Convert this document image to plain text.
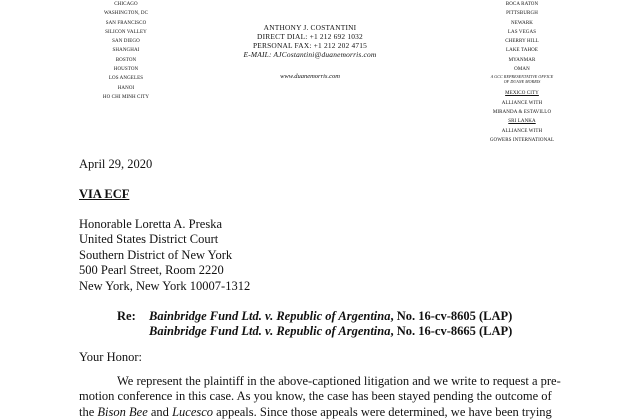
CHICAGO
WASHINGTON, DC
SAN FRANCISCO
SILICON VALLEY
SAN DIEGO
SHANGHAI
BOSTON
HOUSTON
LOS ANGELES
HANOI
HO CHI MINH CITY
ANTHONY J. COSTANTINI
DIRECT DIAL: +1 212 692 1032
PERSONAL FAX: +1 212 202 4715
E-MAIL: AJCostantini@duanemorris.com
www.duanemorris.com
BOCA RATON
PITTSBURGH
NEWARK
LAS VEGAS
CHERRY HILL
LAKE TAHOE
MYANMAR
OMAN
A GCC REPRESENTATIVE OFFICE
OF DUANE MORRIS
MEXICO CITY
ALLIANCE WITH
MIRANDA & ESTAVILLO
SRI LANKA
ALLIANCE WITH
GOWERS INTERNATIONAL
April 29, 2020
VIA ECF
Honorable Loretta A. Preska
United States District Court
Southern District of New York
500 Pearl Street, Room 2220
New York, New York 10007-1312
Re: Bainbridge Fund Ltd. v. Republic of Argentina, No. 16-cv-8605 (LAP)
Bainbridge Fund Ltd. v. Republic of Argentina, No. 16-cv-8665 (LAP)
Your Honor:
We represent the plaintiff in the above-captioned litigation and we write to request a pre-
motion conference in this case. As you know, the case has been stayed pending the outcome of
the Bison Bee and Lucesco appeals. Since those appeals were determined, we have been trying
